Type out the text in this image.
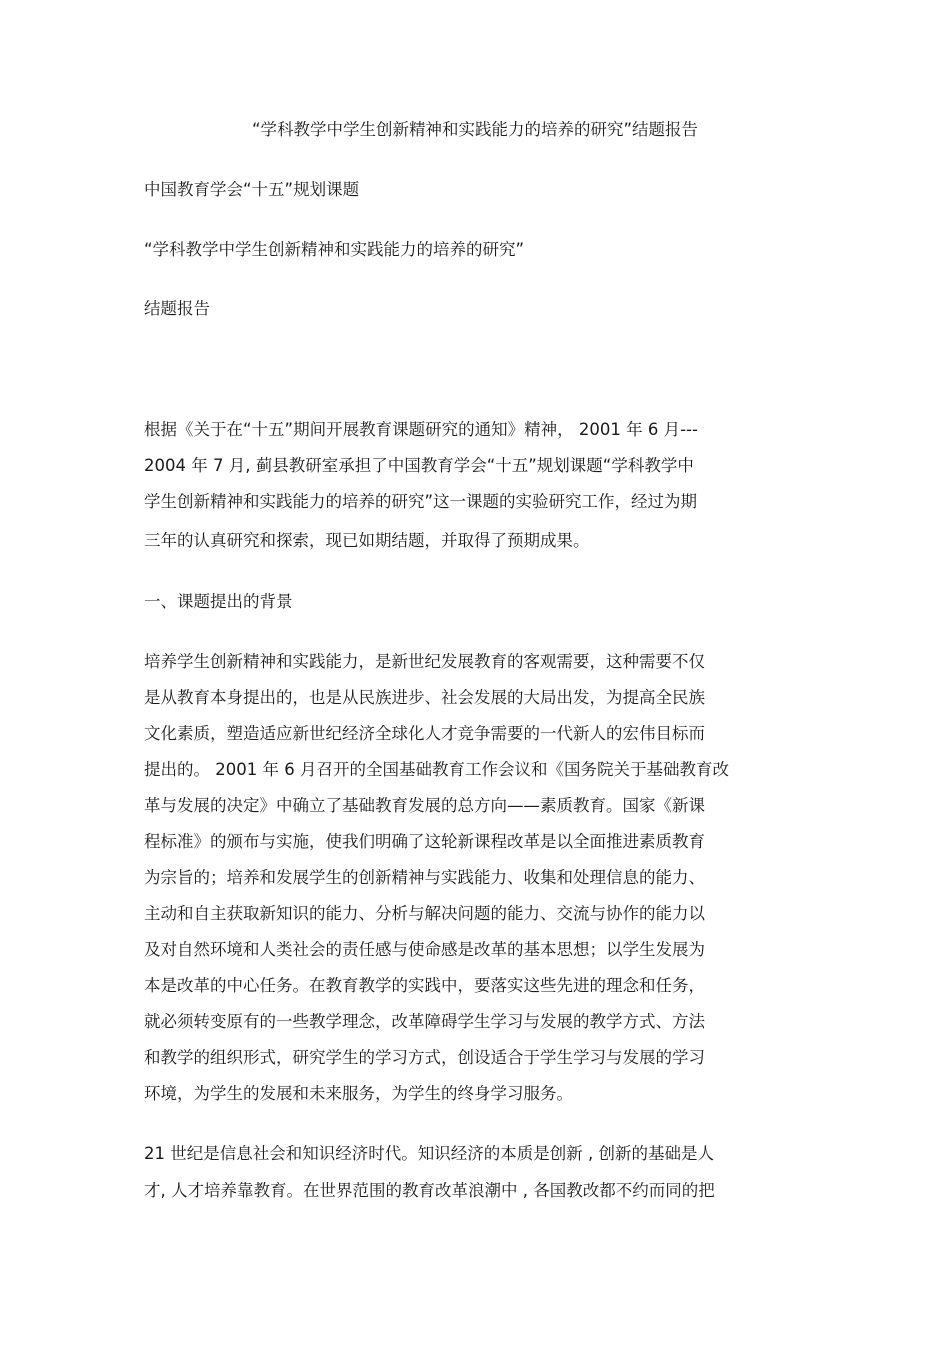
“学科教学中学生创新精神和实践能力的培养的研究”结题报告
中国教育学会“十五”规划课题
“学科教学中学生创新精神和实践能力的培养的研究”
结题报告
根据《关于在“十五”期间开展教育课题研究的通知》精神， 2001 年 6 月---
2004 年 7 月, 蓟县教研室承担了中国教育学会“十五”规划课题“学科教学中
学生创新精神和实践能力的培养的研究”这一课题的实验研究工作，经过为期
三年的认真研究和探索，现已如期结题，并取得了预期成果。
一、课题提出的背景
培养学生创新精神和实践能力，是新世纪发展教育的客观需要，这种需要不仅
是从教育本身提出的，也是从民族进步、社会发展的大局出发，为提高全民族
文化素质，塑造适应新世纪经济全球化人才竞争需要的一代新人的宏伟目标而
提出的。 2001 年 6 月召开的全国基础教育工作会议和《国务院关于基础教育改
革与发展的决定》中确立了基础教育发展的总方向——素质教育。国家《新课
程标准》的颁布与实施，使我们明确了这轮新课程改革是以全面推进素质教育
为宗旨的；培养和发展学生的创新精神与实践能力、收集和处理信息的能力、
主动和自主获取新知识的能力、分析与解决问题的能力、交流与协作的能力以
及对自然环境和人类社会的责任感与使命感是改革的基本思想；以学生发展为
本是改革的中心任务。在教育教学的实践中，要落实这些先进的理念和任务，
就必须转变原有的一些教学理念，改革障碍学生学习与发展的教学方式、方法
和教学的组织形式，研究学生的学习方式，创设适合于学生学习与发展的学习
环境，为学生的发展和未来服务，为学生的终身学习服务。
21 世纪是信息社会和知识经济时代。知识经济的本质是创新 , 创新的基础是人
才, 人才培养靠教育。在世界范围的教育改革浪潮中 , 各国教改都不约而同的把
